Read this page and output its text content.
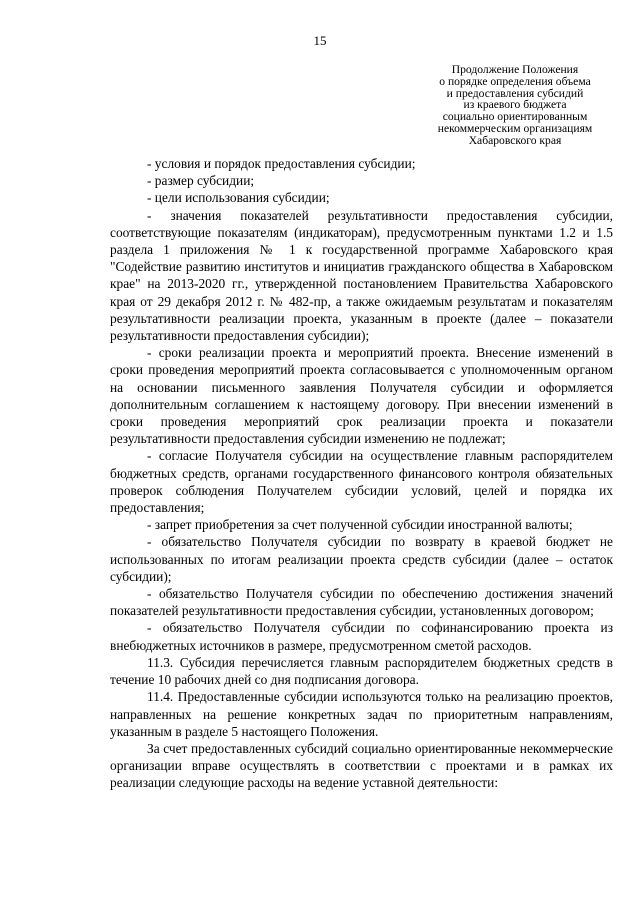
15
Продолжение Положения
о порядке определения объема
и предоставления субсидий
из краевого бюджета
социально ориентированным
некоммерческим организациям
Хабаровского края

- условия и порядок предоставления субсидии;

- размер субсидии;

- цели использования субсидии;

- значения показателей результативности предоставления субсидии, соответствующие показателям (индикаторам), предусмотренным пунктами 1.2 и 1.5 раздела 1 приложения № 1 к государственной программе Хабаровского края "Содействие развитию институтов и инициатив гражданского общества в Хабаровском крае" на 2013-2020 гг., утвержденной постановлением Правительства Хабаровского края от 29 декабря 2012 г. № 482-пр, а также ожидаемым результатам и показателям результативности реализации проекта, указанным в проекте (далее – показатели результативности предоставления субсидии);

- сроки реализации проекта и мероприятий проекта. Внесение изменений в сроки проведения мероприятий проекта согласовывается с уполномоченным органом на основании письменного заявления Получателя субсидии и оформляется дополнительным соглашением к настоящему договору. При внесении изменений в сроки проведения мероприятий срок реализации проекта и показатели результативности предоставления субсидии изменению не подлежат;

- согласие Получателя субсидии на осуществление главным распорядителем бюджетных средств, органами государственного финансового контроля обязательных проверок соблюдения Получателем субсидии условий, целей и порядка их предоставления;

- запрет приобретения за счет полученной субсидии иностранной валюты;

- обязательство Получателя субсидии по возврату в краевой бюджет не использованных по итогам реализации проекта средств субсидии (далее – остаток субсидии);

- обязательство Получателя субсидии по обеспечению достижения значений показателей результативности предоставления субсидии, установленных договором;

- обязательство Получателя субсидии по софинансированию проекта из внебюджетных источников в размере, предусмотренном сметой расходов.

11.3. Субсидия перечисляется главным распорядителем бюджетных средств в течение 10 рабочих дней со дня подписания договора.

11.4. Предоставленные субсидии используются только на реализацию проектов, направленных на решение конкретных задач по приоритетным направлениям, указанным в разделе 5 настоящего Положения.

За счет предоставленных субсидий социально ориентированные некоммерческие организации вправе осуществлять в соответствии с проектами и в рамках их реализации следующие расходы на ведение уставной деятельности:
